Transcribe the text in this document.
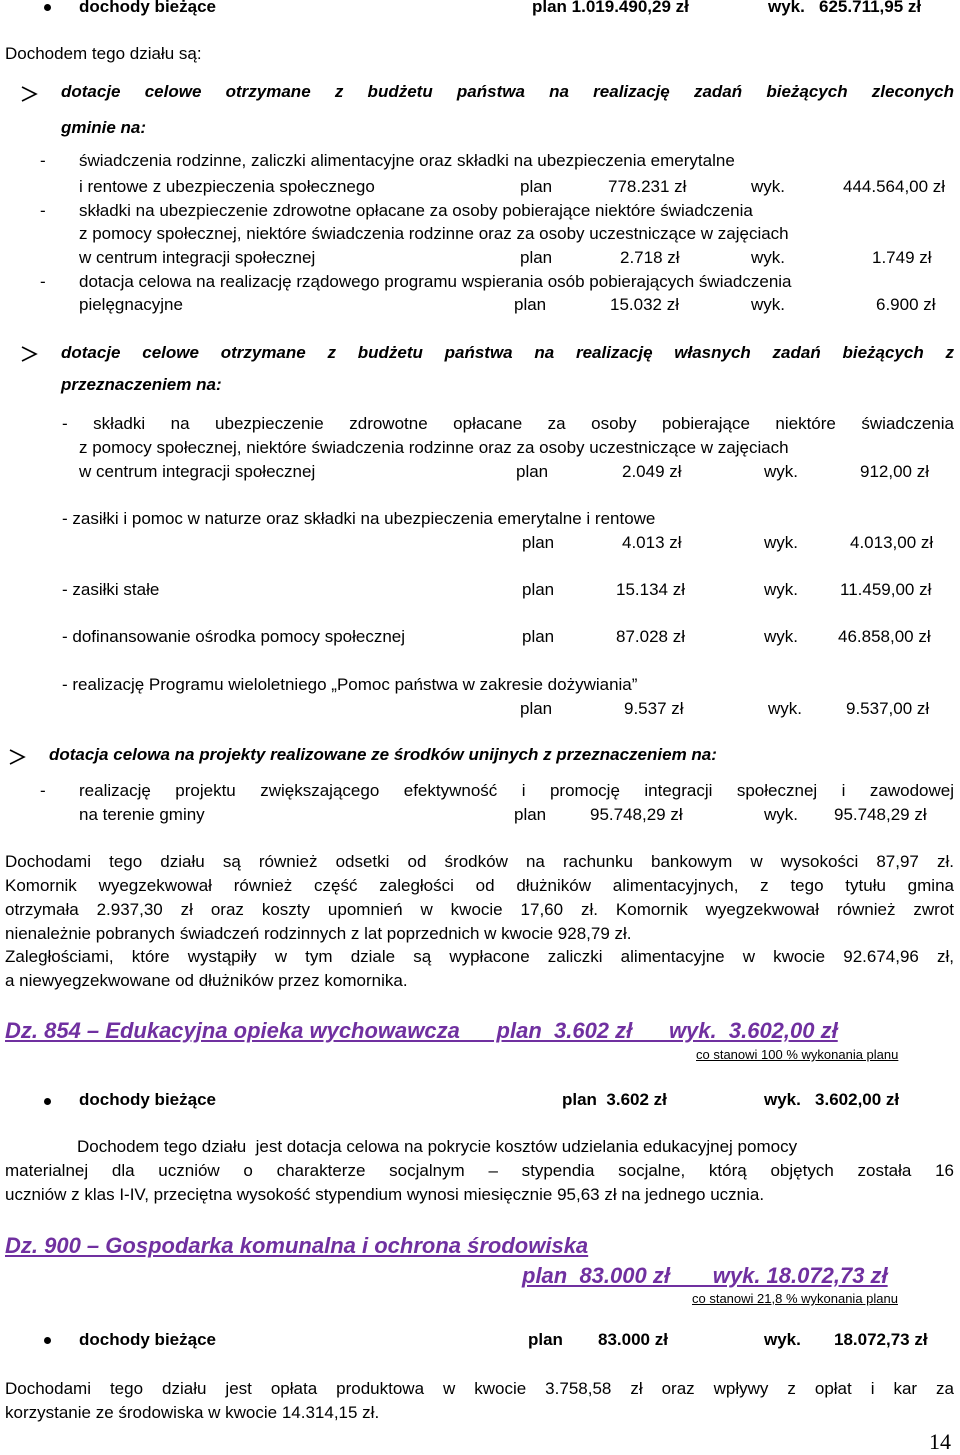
dochody bieżące	plan 1.019.490,29 zł	wyk.   625.711,95 zł
Dochodem tego działu są:
dotacje celowe otrzymane z budżetu państwa na realizację zadań bieżących zleconych
gminie na:
- świadczenia rodzinne, zaliczki alimentacyjne oraz składki na ubezpieczenia emerytalne
i rentowe z ubezpieczenia społecznego	plan	778.231 zł	wyk.	444.564,00 zł
- składki na ubezpieczenie zdrowotne opłacane za osoby pobierające niektóre świadczenia
z pomocy społecznej, niektóre świadczenia rodzinne oraz za osoby uczestniczące w zajęciach
w centrum integracji społecznej	plan	2.718 zł	wyk.	1.749 zł
- dotacja celowa na realizację rządowego programu wspierania osób pobierających świadczenia
pielęgnacyjne	plan	15.032 zł	wyk.	6.900 zł
dotacje celowe otrzymane z budżetu państwa na realizację własnych zadań bieżących z
przeznaczeniem na:
- składki na ubezpieczenie zdrowotne opłacane za osoby pobierające niektóre świadczenia
z pomocy społecznej, niektóre świadczenia rodzinne oraz za osoby uczestniczące w zajęciach
w centrum integracji społecznej	plan	2.049 zł	wyk.	912,00 zł
- zasiłki i pomoc w naturze oraz składki na ubezpieczenia emerytalne i rentowe
plan	4.013 zł	wyk.	4.013,00 zł
- zasiłki stałe	plan	15.134 zł	wyk. 11.459,00 zł
- dofinansowanie ośrodka pomocy społecznej	plan	87.028 zł	wyk. 46.858,00 zł
- realizację Programu wieloletniego „Pomoc państwa w zakresie dożywiania”
plan	9.537 zł	wyk.	9.537,00 zł
dotacja celowa na projekty realizowane ze środków unijnych z przeznaczeniem na:
- realizację projektu zwiększającego efektywność i promocję integracji społecznej i zawodowej
na terenie gminy	plan	95.748,29 zł	wyk. 95.748,29 zł
Dochodami tego działu są również odsetki od środków na rachunku bankowym w wysokości 87,97 zł.
Komornik wyegzekwował również część zaległości od dłużników alimentacyjnych, z tego tytułu gmina
otrzymała 2.937,30 zł oraz koszty upomnień w kwocie 17,60 zł. Komornik wyegzekwował również zwrot
nienależnie pobranych świadczeń rodzinnych z lat poprzednich w kwocie 928,79 zł.
Zaległościami, które wystąpiły w tym dziale są wypłacone zaliczki alimentacyjne w kwocie 92.674,96 zł,
a niewyegzekwowane od dłużników przez komornika.
Dz. 854 – Edukacyjna opieka wychowawcza      plan  3.602 zł      wyk.  3.602,00 zł
co stanowi 100 % wykonania planu
dochody bieżące	plan  3.602 zł	wyk.   3.602,00 zł
Dochodem tego działu  jest dotacja celowa na pokrycie kosztów udzielania edukacyjnej pomocy
materialnej dla uczniów o charakterze socjalnym – stypendia socjalne, którą objętych została 16
uczniów z klas I-IV, przeciętna wysokość stypendium wynosi miesięcznie 95,63 zł na jednego ucznia.
Dz. 900 – Gospodarka komunalna i ochrona środowiska
plan  83.000 zł       wyk. 18.072,73 zł
co stanowi 21,8 % wykonania planu
dochody bieżące	plan 83.000 zł	wyk. 18.072,73 zł
Dochodami tego działu jest opłata produktowa w kwocie 3.758,58 zł oraz wpływy z opłat i kar za
korzystanie ze środowiska w kwocie 14.314,15 zł.
14
